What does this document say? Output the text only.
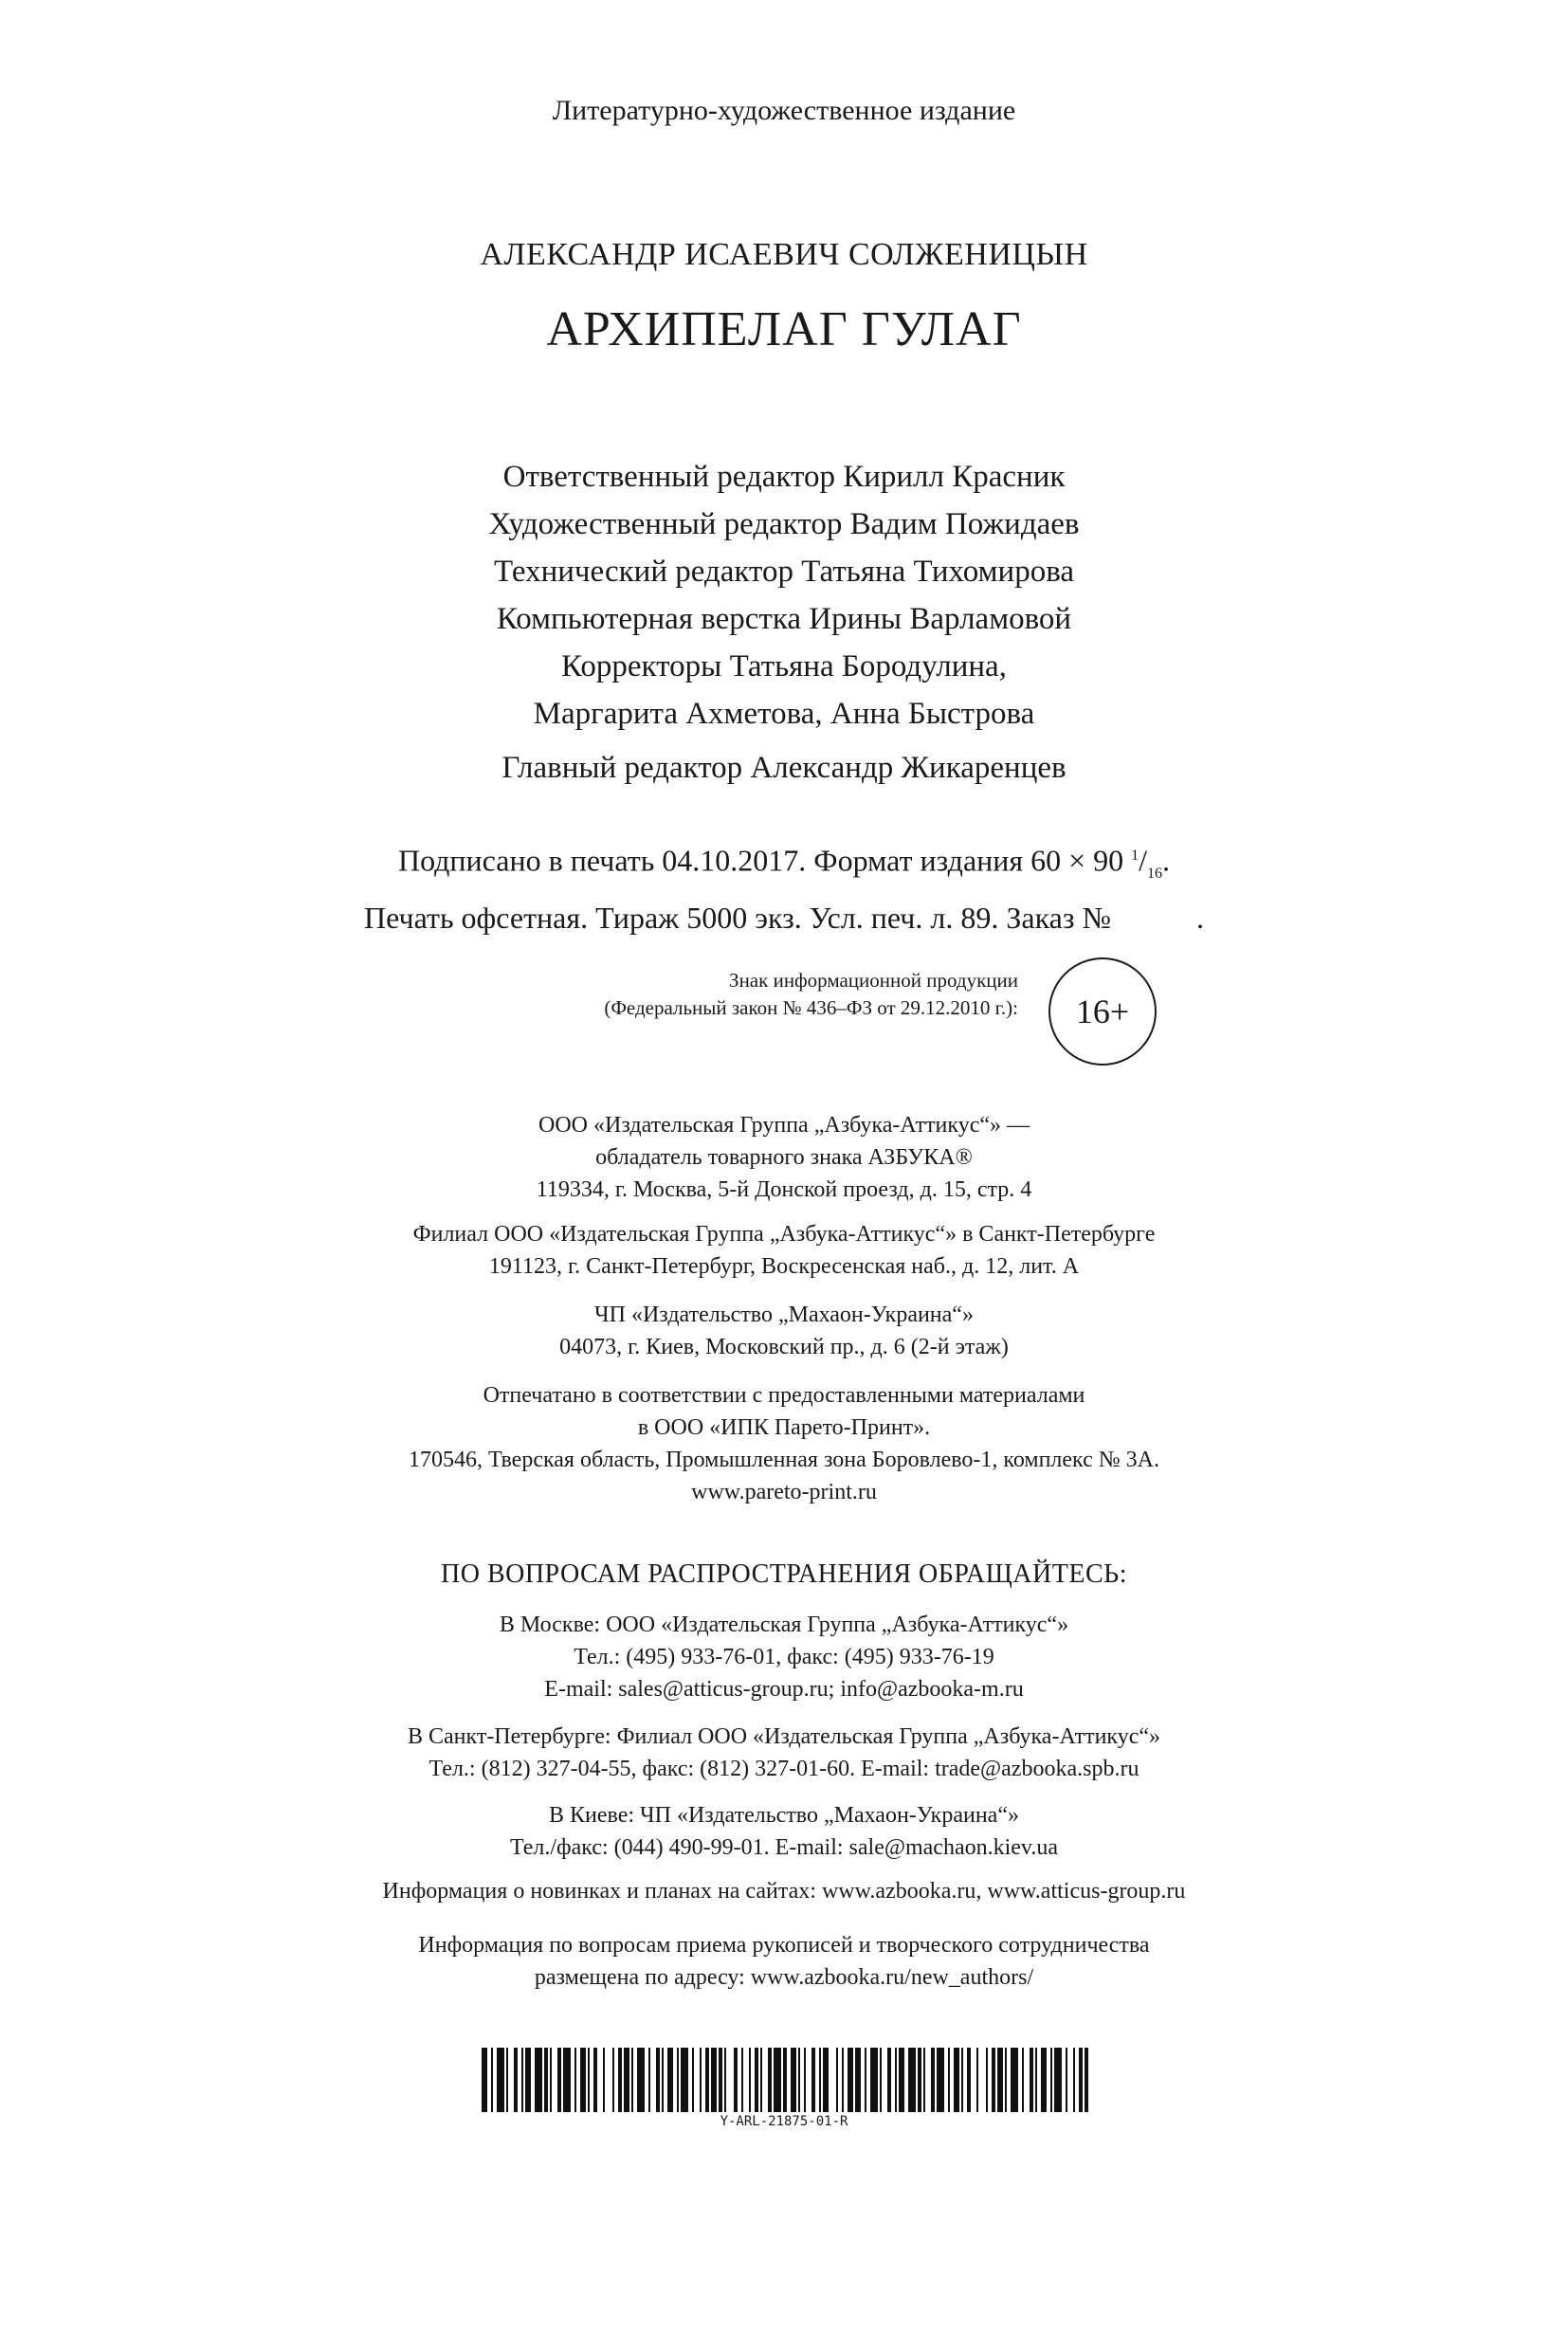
Литературно-художественное издание
АЛЕКСАНДР ИСАЕВИЧ СОЛЖЕНИЦЫН
АРХИПЕЛАГ ГУЛАГ
Ответственный редактор Кирилл Красник
Художественный редактор Вадим Пожидаев
Технический редактор Татьяна Тихомирова
Компьютерная верстка Ирины Варламовой
Корректоры Татьяна Бородулина,
Маргарита Ахметова, Анна Быстрова
Главный редактор Александр Жикаренцев
Подписано в печать 04.10.2017. Формат издания 60 × 90 $^1/_{16}$.
Печать офсетная. Тираж 5000 экз. Усл. печ. л. 89. Заказ №	.
Знак информационной продукции
(Федеральный закон № 436–ФЗ от 29.12.2010 г.):	16+
ООО «Издательская Группа „Азбука-Аттикус“» —
обладатель товарного знака АЗБУКА®
119334, г. Москва, 5-й Донской проезд, д. 15, стр. 4
Филиал ООО «Издательская Группа „Азбука-Аттикус“» в Санкт-Петербурге
191123, г. Санкт-Петербург, Воскресенская наб., д. 12, лит. А
ЧП «Издательство „Махаон-Украина“»
04073, г. Киев, Московский пр., д. 6 (2-й этаж)
Отпечатано в соответствии с предоставленными материалами
в ООО «ИПК Парето-Принт».
170546, Тверская область, Промышленная зона Боровлево-1, комплекс № 3А.
www.pareto-print.ru
ПО ВОПРОСАМ РАСПРОСТРАНЕНИЯ ОБРАЩАЙТЕСЬ:
В Москве: ООО «Издательская Группа „Азбука-Аттикус“»
Тел.: (495) 933-76-01, факс: (495) 933-76-19
E-mail: sales@atticus-group.ru; info@azbooka-m.ru
В Санкт-Петербурге: Филиал ООО «Издательская Группа „Азбука-Аттикус“»
Тел.: (812) 327-04-55, факс: (812) 327-01-60. E-mail: trade@azbooka.spb.ru
В Киеве: ЧП «Издательство „Махаон-Украина“»
Тел./факс: (044) 490-99-01. E-mail: sale@machaon.kiev.ua
Информация о новинках и планах на сайтах: www.azbooka.ru, www.atticus-group.ru
Информация по вопросам приема рукописей и творческого сотрудничества
размещена по адресу: www.azbooka.ru/new_authors/
Y-ARL-21875-01-R
